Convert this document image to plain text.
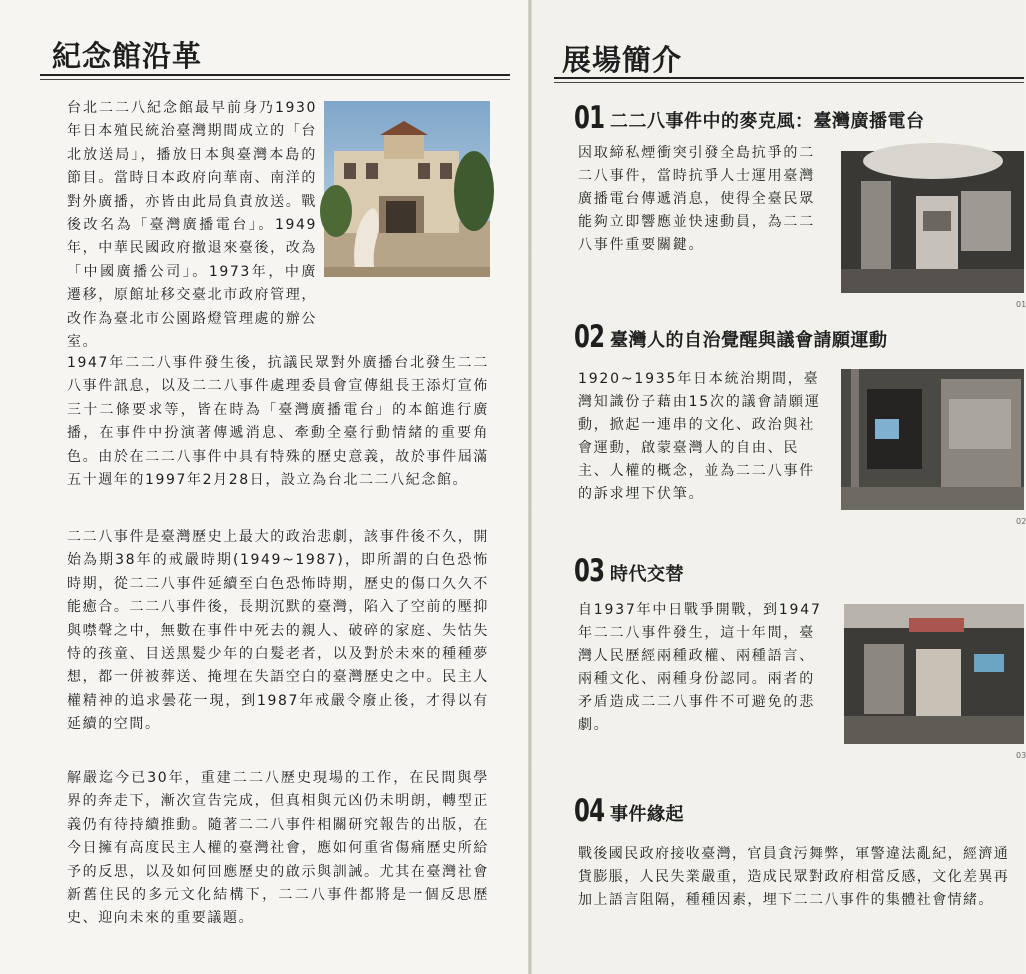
紀念館沿革

台北二二八紀念館最早前身乃1930年日本殖民統治臺灣期間成立的「台北放送局」，播放日本與臺灣本島的節目。當時日本政府向華南、南洋的對外廣播，亦皆由此局負責放送。戰後改名為「臺灣廣播電台」。1949年，中華民國政府撤退來臺後，改為「中國廣播公司」。1973年，中廣遷移，原館址移交臺北市政府管理，改作為臺北市公園路燈管理處的辦公室。

1947年二二八事件發生後，抗議民眾對外廣播台北發生二二八事件訊息，以及二二八事件處理委員會宣傳組長王添灯宣佈三十二條要求等，皆在時為「臺灣廣播電台」的本館進行廣播，在事件中扮演著傳遞消息、牽動全臺行動情緒的重要角色。由於在二二八事件中具有特殊的歷史意義，故於事件屆滿五十週年的1997年2月28日，設立為台北二二八紀念館。

二二八事件是臺灣歷史上最大的政治悲劇，該事件後不久，開始為期38年的戒嚴時期(1949~1987)，即所謂的白色恐怖時期，從二二八事件延續至白色恐怖時期，歷史的傷口久久不能癒合。二二八事件後，長期沉默的臺灣，陷入了空前的壓抑與噤聲之中，無數在事件中死去的親人、破碎的家庭、失怙失恃的孩童、目送黑髮少年的白髮老者，以及對於未來的種種夢想，都一併被葬送、掩埋在失語空白的臺灣歷史之中。民主人權精神的追求曇花一現，到1987年戒嚴令廢止後，才得以有延續的空間。

解嚴迄今已30年，重建二二八歷史現場的工作，在民間與學界的奔走下，漸次宣告完成，但真相與元凶仍未明朗，轉型正義仍有待持續推動。隨著二二八事件相關研究報告的出版，在今日擁有高度民主人權的臺灣社會，應如何重省傷痛歷史所給予的反思，以及如何回應歷史的啟示與訓誡。尤其在臺灣社會新舊住民的多元文化結構下，二二八事件都將是一個反思歷史、迎向未來的重要議題。

展場簡介
01 二二八事件中的麥克風：臺灣廣播電台

因取締私煙衝突引發全島抗爭的二二八事件，當時抗爭人士運用臺灣廣播電台傳遞消息，使得全臺民眾能夠立即響應並快速動員，為二二八事件重要關鍵。

01
02 臺灣人的自治覺醒與議會請願運動

1920~1935年日本統治期間，臺灣知識份子藉由15次的議會請願運動，掀起一連串的文化、政治與社會運動，啟蒙臺灣人的自由、民主、人權的概念，並為二二八事件的訴求埋下伏筆。

02
03 時代交替

自1937年中日戰爭開戰，到1947年二二八事件發生，這十年間，臺灣人民歷經兩種政權、兩種語言、兩種文化、兩種身份認同。兩者的矛盾造成二二八事件不可避免的悲劇。

03
04 事件緣起

戰後國民政府接收臺灣，官員貪污舞弊，軍警違法亂紀，經濟通貨膨脹，人民失業嚴重，造成民眾對政府相當反感，文化差異再加上語言阻隔，種種因素，埋下二二八事件的集體社會情緒。
